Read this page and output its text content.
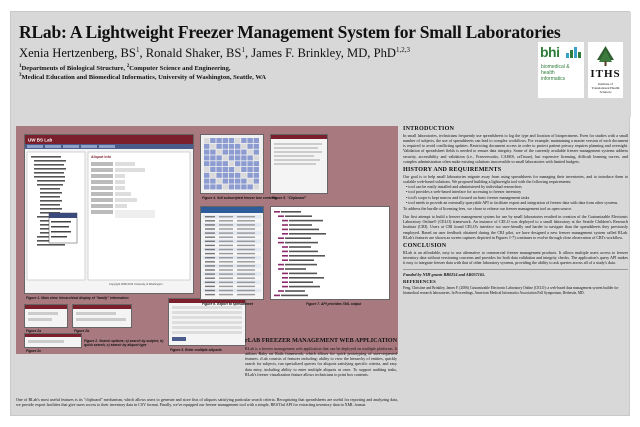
RLab: A Lightweight Freezer Management System for Small Laboratories
Xenia Hertzenberg, $BS^1$, Ronald Shaker, $BS^1$, James F. Brinkley, MD, PhD$^{1,2,3}$
$^1$Departments of Biological Structure, $^2$Computer Science and Engineering,
$^3$Medical Education and Biomedical Informatics, University of Washington, Seattle, WA
bhi
biomedical &
health
informatics	ITHS
Institute of Translational Health Sciences
UW BS Lab
Aliquot Info
Copyright 2008-2013 University of Washington
Figure 1. Main view: hierarchical display of "family" information
Figure 2a	Figure 2b
Figure 2c
Figure 2. Search options: a) search by subject, b) quick search, c) search by aliquot type
Figure 3. Enter multiple aliquots
Figure 4. 9x9 subscripted freezer box contents
Figure 5. "Clipboard"
Figure 6. Export to spreadsheet	Figure 7. API provides XML output
rLAB FREEZER MANAGEMENT WEB APPLICATION
RLab is a freezer management web application that can be deployed on multiple platforms. It utilizes Ruby on Rails framework, which allows for quick prototyping of user-requested features. rLab consists of features including: ability to view the hierarchy of entities, quickly search for subjects, run specialized queries for aliquots satisfying specific criteria, and easy data entry, including ability to enter multiple aliquots at once. To support auditing tasks, RLab's freezer visualization feature allows technicians to print box contents.
One of RLab's most useful features is its "clipboard" mechanism, which allows users to generate and store lists of aliquots satisfying particular search criteria. Recognizing that spreadsheets are useful for reporting and analyzing data, we provide export facilities that give users access to their inventory data in CSV format. Finally, we've equipped our freezer management tool with a simple, RESTful API for extracting inventory data in XML format.
INTRODUCTION
In small laboratories, technicians frequently use spreadsheets to log the type and location of biospecimens. Even for studies with a small number of subjects, the use of spreadsheets can lead to complex workflows. For example, maintaining a master version of each document is required to avoid conflicting updates. Restricting document access in order to protect patient privacy requires planning and oversight. Validation of spreadsheet fields is needed to ensure data integrity. Some of the currently available freezer management systems address security, accessibility and validation (i.e., Freezerworks, CAISIS, caTissue), but expensive licensing, difficult learning curves, and complex administration often make existing solutions inaccessible to small laboratories with limited budgets.
HISTORY AND REQUIREMENTS
Our goal is to help small laboratories migrate away from using spreadsheets for managing their inventories, and to introduce them to scalable web-based solutions. We proposed building a lightweight tool with the following requirements:
• tool can be easily installed and administered by individual researchers
• tool provides a web-based interface for accessing to freezer inventory
• tool's scope is kept narrow and focused on basic freezer management tasks
• tool needs to provide an externally queryable API to facilitate export and integration of freezer data with data from other systems.
To address the hurdle of licensing fees, we chose to release our freezer management tool as open source.
Our first attempt to build a freezer management system for use by small laboratories resulted in creation of the Customizable Electronic Laboratory Online® (CELO) framework. An instance of CELO was deployed to a small laboratory at the Seattle Children's Research Institute (CRI). Users at CRI found CELO's interface too user-friendly and harder to navigate than the spreadsheets they previously employed. Based on user feedback obtained during the CRI pilot, we have designed a new freezer management system called RLab. RLab's features are shown as screen captures depicted in Figures 1-7) continues to evolve through close observation of CRI's workflow.
CONCLUSION
RLab is an affordable, easy to use alternative to commercial freezer management products. It allows multiple users access to freezer inventory data without versioning concerns and provides for both data validation and integrity checks. The application's query API makes it easy to integrate freezer data with that of other laboratory systems, providing the ability to ask queries across all of a study's data.
Funded by NIH grants RR0254 and AR057165.
REFERENCES
Feng, Christine and Brinkley, James F. (2006) Customizable Electronic Laboratory Online (CELO): a web-based data management system builder for biomedical research laboratories. In Proceedings, American Medical Informatics Association Fall Symposium, Bethesda, MD.
